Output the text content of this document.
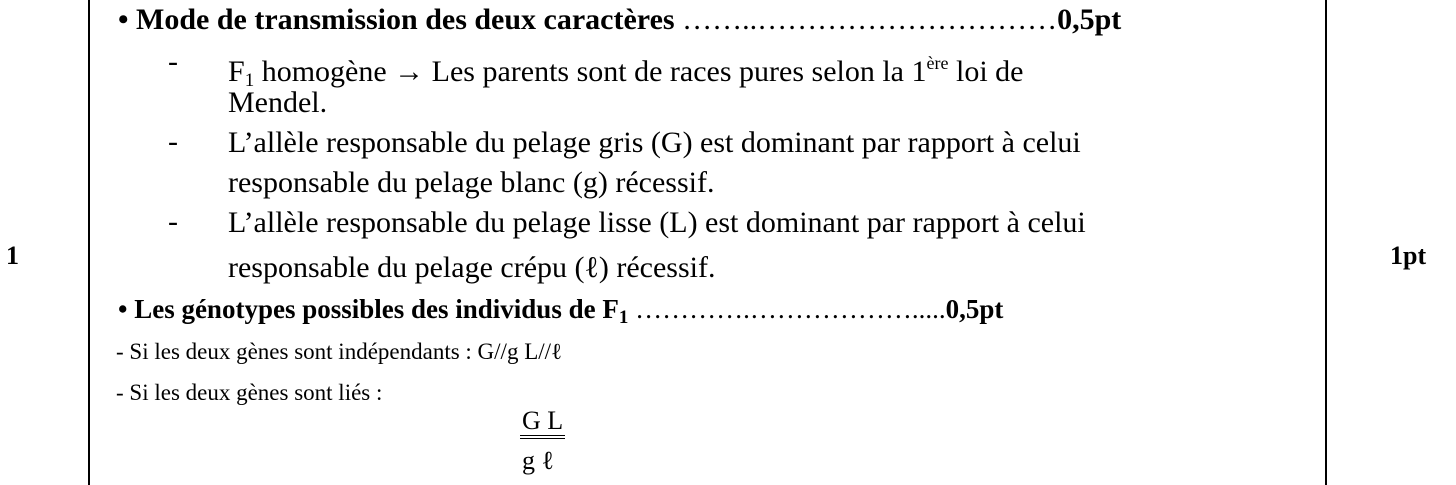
1	1pt
• Mode de transmission des deux caractères ……..…………………………0,5pt
- $F_1$ homogène → Les parents sont de races pures selon la 1ère loi de
Mendel.
- L’allèle responsable du pelage gris (G) est dominant par rapport à celui
responsable du pelage blanc (g) récessif.
- L’allèle responsable du pelage lisse (L) est dominant par rapport à celui
responsable du pelage crépu (ℓ) récessif.
• Les génotypes possibles des individus de $F_1$ ………….……………….....0,5pt
- Si les deux gènes sont indépendants : G//g L//ℓ
- Si les deux gènes sont liés :
G L
g ℓ
